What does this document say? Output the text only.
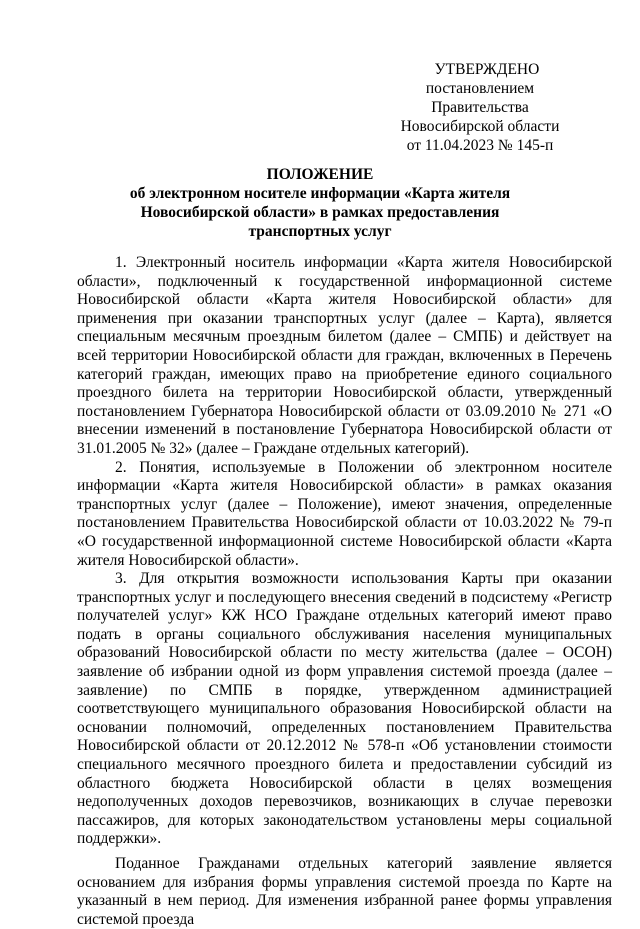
УТВЕРЖДЕНО
постановлением Правительства
Новосибирской области
от 11.04.2023 № 145-п
ПОЛОЖЕНИЕ
об электронном носителе информации «Карта жителя Новосибирской области» в рамках предоставления транспортных услуг

1. Электронный носитель информации «Карта жителя Новосибирской области», подключенный к государственной информационной системе Новосибирской области «Карта жителя Новосибирской области» для применения при оказании транспортных услуг (далее – Карта), является специальным месячным проездным билетом (далее – СМПБ) и действует на всей территории Новосибирской области для граждан, включенных в Перечень категорий граждан, имеющих право на приобретение единого социального проездного билета на территории Новосибирской области, утвержденный постановлением Губернатора Новосибирской области от 03.09.2010 № 271 «О внесении изменений в постановление Губернатора Новосибирской области от 31.01.2005 № 32» (далее – Граждане отдельных категорий).

2. Понятия, используемые в Положении об электронном носителе информации «Карта жителя Новосибирской области» в рамках оказания транспортных услуг (далее – Положение), имеют значения, определенные постановлением Правительства Новосибирской области от 10.03.2022 № 79-п «О государственной информационной системе Новосибирской области «Карта жителя Новосибирской области».

3. Для открытия возможности использования Карты при оказании транспортных услуг и последующего внесения сведений в подсистему «Регистр получателей услуг» КЖ НСО Граждане отдельных категорий имеют право подать в органы социального обслуживания населения муниципальных образований Новосибирской области по месту жительства (далее – ОСОН) заявление об избрании одной из форм управления системой проезда (далее – заявление) по СМПБ в порядке, утвержденном администрацией соответствующего муниципального образования Новосибирской области на основании полномочий, определенных постановлением Правительства Новосибирской области от 20.12.2012 № 578-п «Об установлении стоимости специального месячного проездного билета и предоставлении субсидий из областного бюджета Новосибирской области в целях возмещения недополученных доходов перевозчиков, возникающих в случае перевозки пассажиров, для которых законодательством установлены меры социальной поддержки».

Поданное Гражданами отдельных категорий заявление является основанием для избрания формы управления системой проезда по Карте на указанный в нем период. Для изменения избранной ранее формы управления системой проезда
